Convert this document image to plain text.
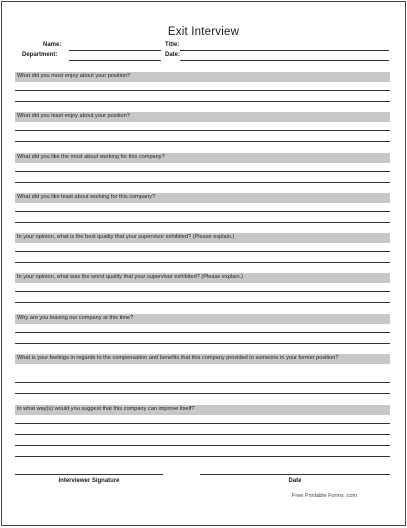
Exit Interview
Name:	Title:
Department:	Date:
What did you most enjoy about your position?
What did you least enjoy about your position?
What did you like the most about working for this company?
What did you like least about working for this company?
In your opinion, what is the best quality that your supervisor exhibited? (Please explain.)
In your opinion, what was the worst quality that your supervisor exhibited? (Please explain.)
Why are you leaving our company at this time?
What is your feelings in regards to the compensation and benefits that this company provided to someone in your former position?
In what way(s) would you suggest that this company can improve itself?
Interviewer Signature	Date
Free Printable Forms .com
